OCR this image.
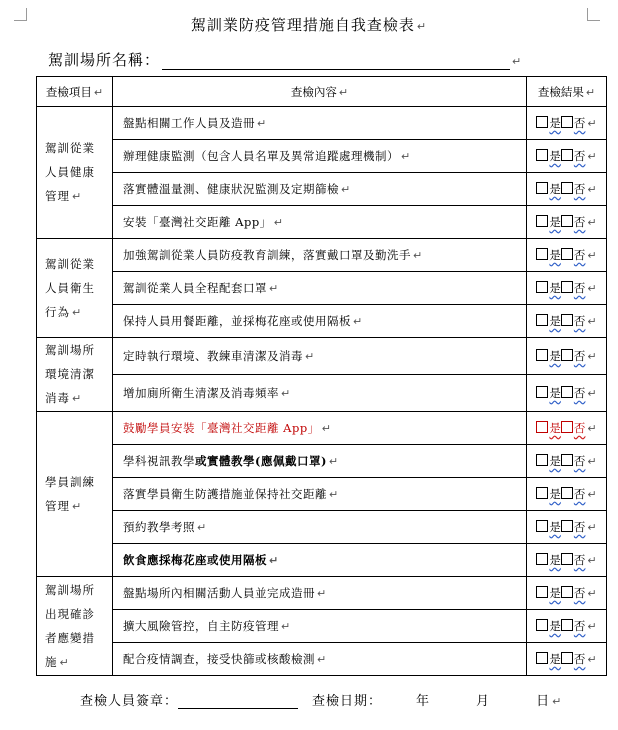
駕訓業防疫管理措施自我查檢表 ↵
駕訓場所名稱：	↵
查檢項目 ↵	查檢內容 ↵	查檢結果 ↵
駕訓從業人員健康管理 ↵	盤點相關工作人員及造冊 ↵	是 否 ↵
	辦理健康監測（包含人員名單及異常追蹤處理機制） ↵	是 否 ↵
	落實體溫量測、健康狀況監測及定期篩檢 ↵	是 否 ↵
	安裝「臺灣社交距離 App」 ↵	是 否 ↵
駕訓從業人員衛生行為 ↵	加強駕訓從業人員防疫教育訓練，落實戴口罩及勤洗手 ↵	是 否 ↵
	駕訓從業人員全程配套口罩 ↵	是 否 ↵
	保持人員用餐距離，並採梅花座或使用隔板 ↵	是 否 ↵
駕訓場所環境清潔消毒 ↵	定時執行環境、教練車清潔及消毒 ↵	是 否 ↵
	增加廁所衛生清潔及消毒頻率 ↵	是 否 ↵
學員訓練管理 ↵	鼓勵學員安裝「臺灣社交距離 App」 ↵	是 否 ↵
	學科視訊教學或實體教學(應佩戴口罩) ↵	是 否 ↵
	落實學員衛生防護措施並保持社交距離 ↵	是 否 ↵
	預約教學考照 ↵	是 否 ↵
	飲食應採梅花座或使用隔板 ↵	是 否 ↵
駕訓場所出現確診者應變措施 ↵	盤點場所內相關活動人員並完成造冊 ↵	是 否 ↵
	擴大風險管控，自主防疫管理 ↵	是 否 ↵
	配合疫情調查，接受快篩或核酸檢測 ↵	是 否 ↵
查檢人員簽章：	查檢日期：	年	月	日 ↵
